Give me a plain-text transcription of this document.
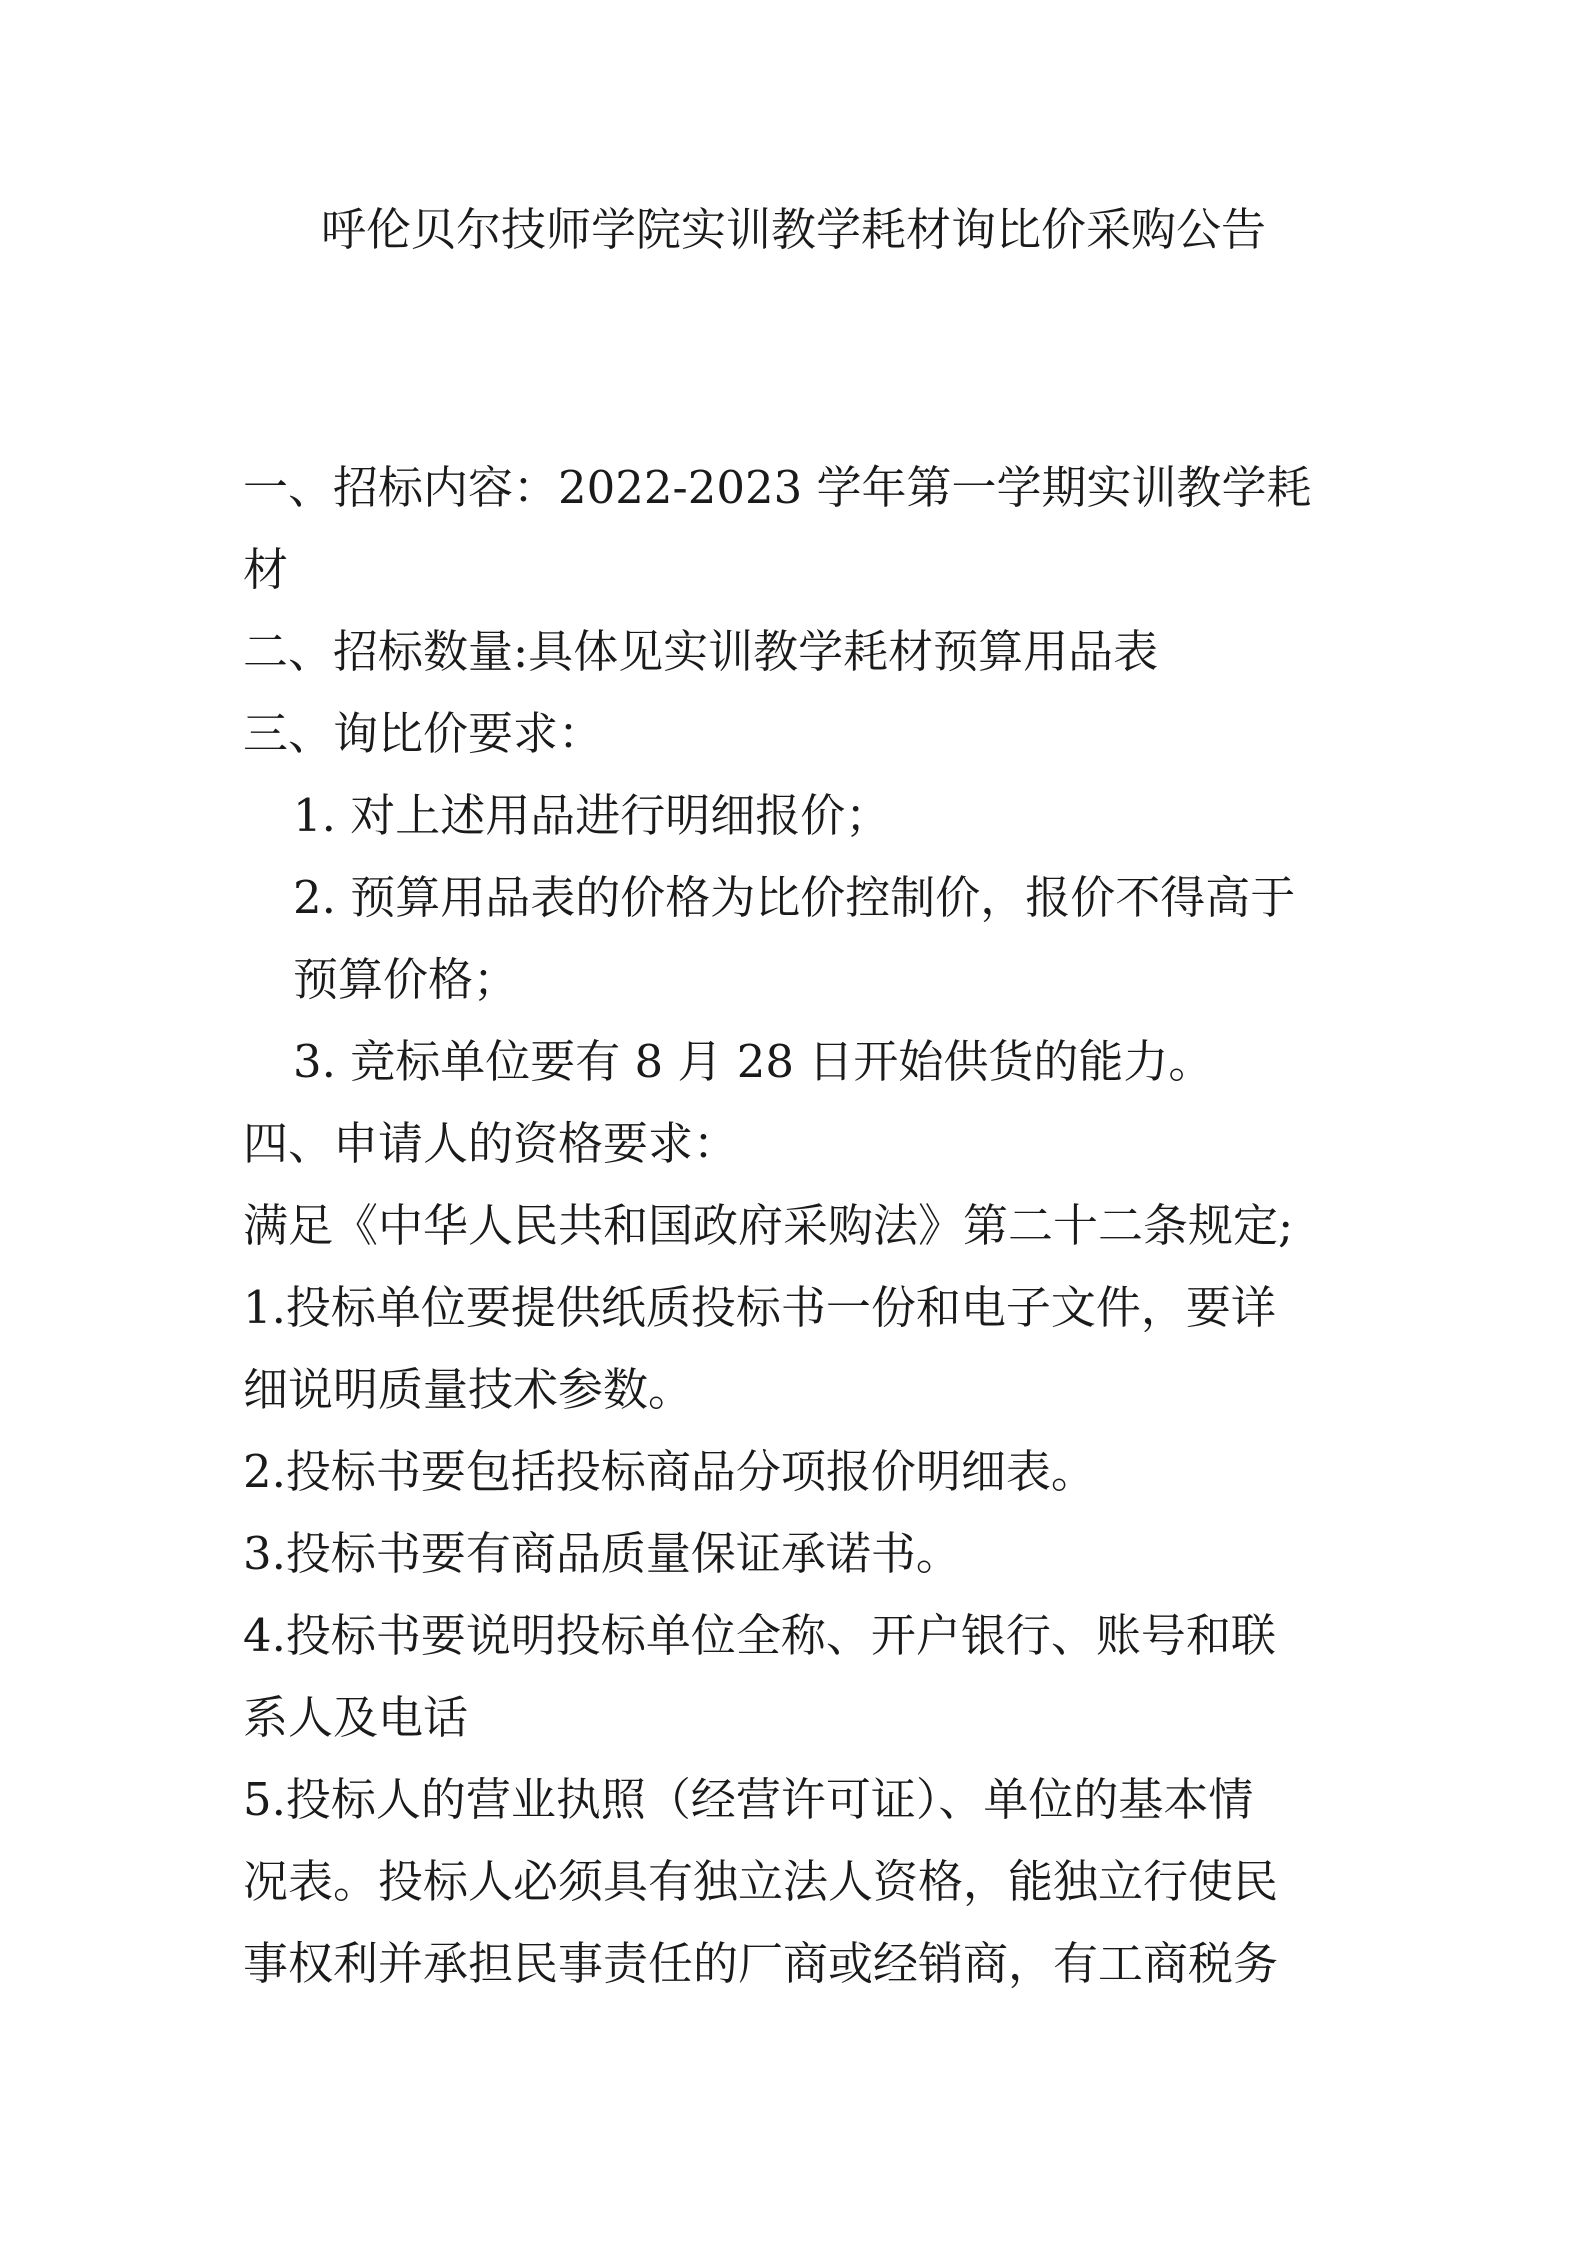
呼伦贝尔技师学院实训教学耗材询比价采购公告
一、招标内容：2022-2023 学年第一学期实训教学耗
材
二、招标数量:具体见实训教学耗材预算用品表
三、询比价要求：
1. 对上述用品进行明细报价；
2. 预算用品表的价格为比价控制价，报价不得高于
预算价格；
3. 竞标单位要有 8 月 28 日开始供货的能力。
四、申请人的资格要求：
满足《中华人民共和国政府采购法》第二十二条规定;
1.投标单位要提供纸质投标书一份和电子文件，要详
细说明质量技术参数。
2.投标书要包括投标商品分项报价明细表。
3.投标书要有商品质量保证承诺书。
4.投标书要说明投标单位全称、开户银行、账号和联
系人及电话
5.投标人的营业执照（经营许可证）、单位的基本情
况表。投标人必须具有独立法人资格，能独立行使民
事权利并承担民事责任的厂商或经销商，有工商税务
